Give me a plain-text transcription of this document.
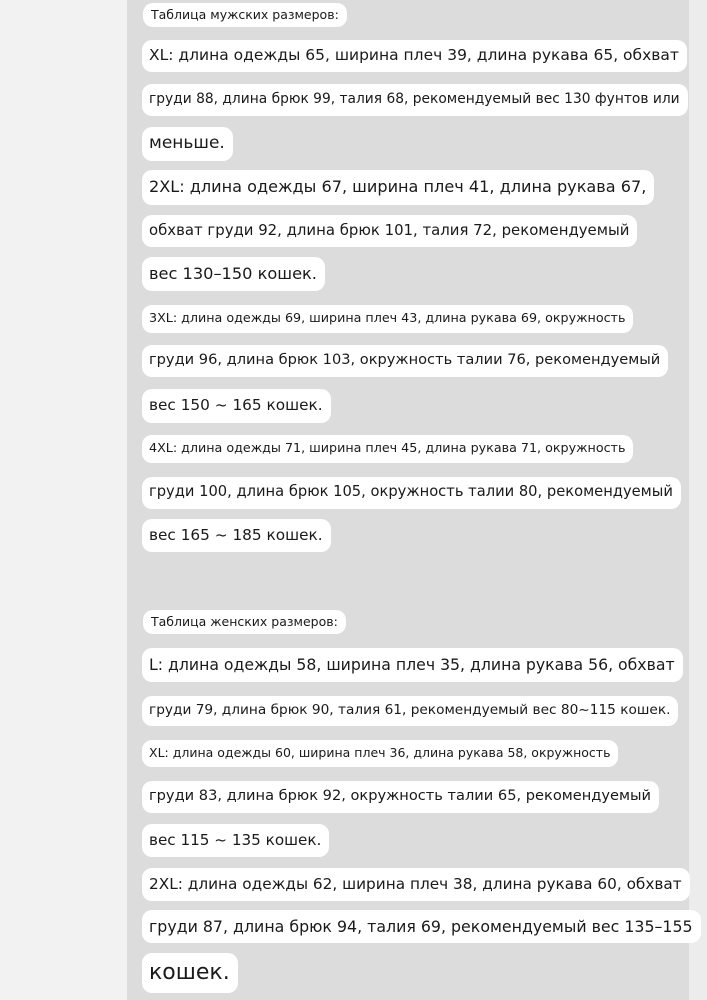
Таблица мужских размеров:
XL: длина одежды 65, ширина плеч 39, длина рукава 65, обхват
груди 88, длина брюк 99, талия 68, рекомендуемый вес 130 фунтов или
меньше.
2XL: длина одежды 67, ширина плеч 41, длина рукава 67,
обхват груди 92, длина брюк 101, талия 72, рекомендуемый
вес 130–150 кошек.
3XL: длина одежды 69, ширина плеч 43, длина рукава 69, окружность
груди 96, длина брюк 103, окружность талии 76, рекомендуемый
вес 150 ~ 165 кошек.
4XL: длина одежды 71, ширина плеч 45, длина рукава 71, окружность
груди 100, длина брюк 105, окружность талии 80, рекомендуемый
вес 165 ~ 185 кошек.
Таблица женских размеров:
L: длина одежды 58, ширина плеч 35, длина рукава 56, обхват
груди 79, длина брюк 90, талия 61, рекомендуемый вес 80~115 кошек.
XL: длина одежды 60, ширина плеч 36, длина рукава 58, окружность
груди 83, длина брюк 92, окружность талии 65, рекомендуемый
вес 115 ~ 135 кошек.
2XL: длина одежды 62, ширина плеч 38, длина рукава 60, обхват
груди 87, длина брюк 94, талия 69, рекомендуемый вес 135–155
кошек.
